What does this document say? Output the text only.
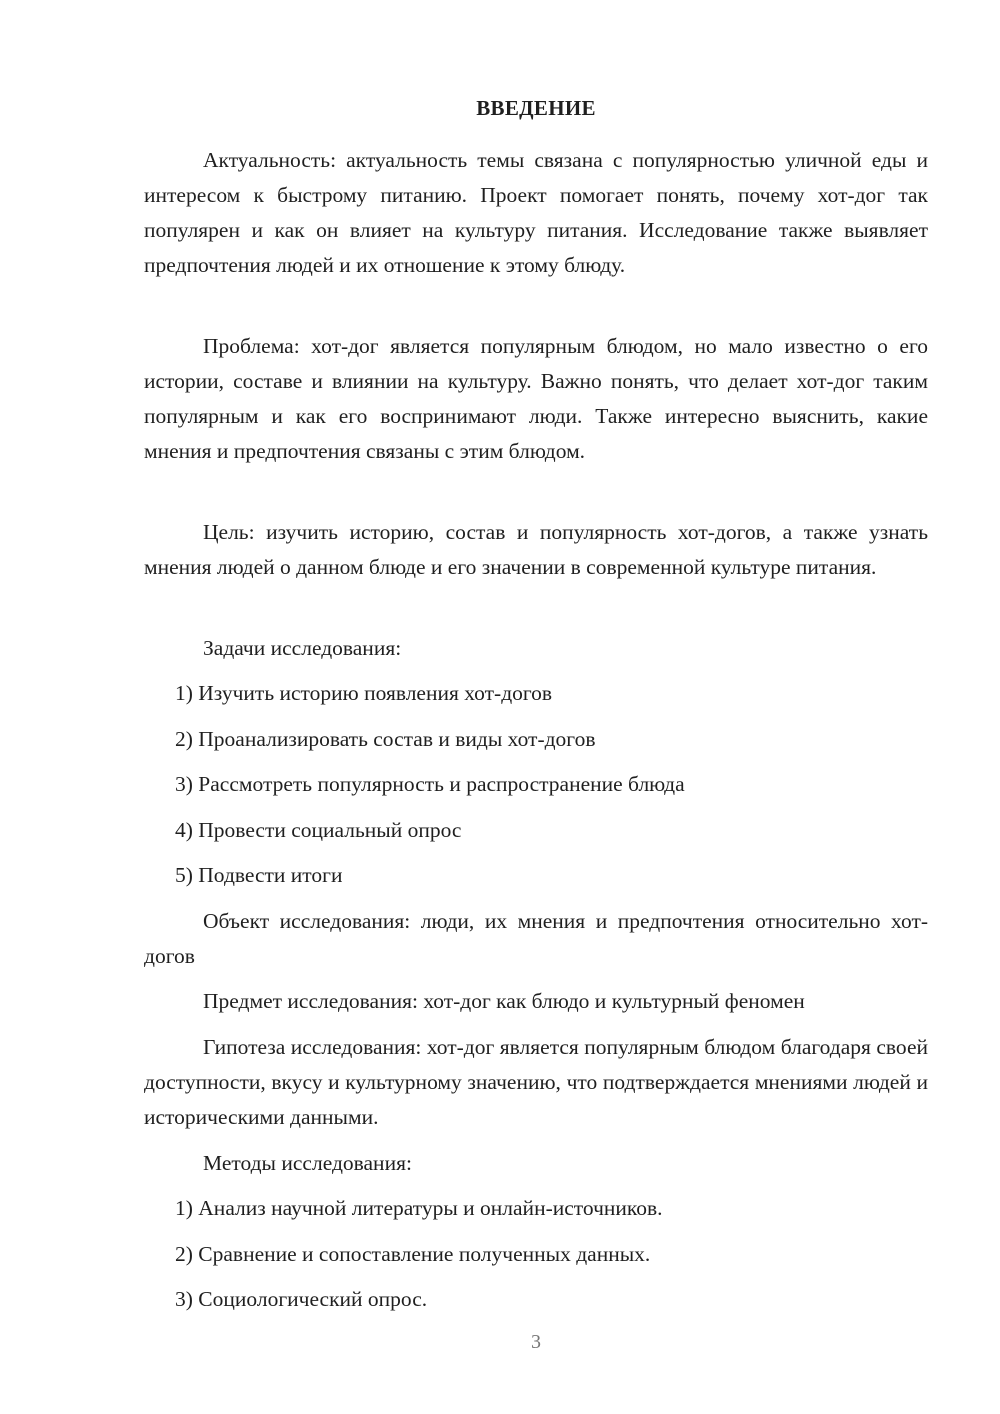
ВВЕДЕНИЕ

Актуальность: актуальность темы связана с популярностью уличной еды и интересом к быстрому питанию. Проект помогает понять, почему хот-дог так популярен и как он влияет на культуру питания. Исследование также выявляет предпочтения людей и их отношение к этому блюду.

Проблема: хот-дог является популярным блюдом, но мало известно о его истории, составе и влиянии на культуру. Важно понять, что делает хот-дог таким популярным и как его воспринимают люди. Также интересно выяснить, какие мнения и предпочтения связаны с этим блюдом.

Цель: изучить историю, состав и популярность хот-догов, а также узнать мнения людей о данном блюде и его значении в современной культуре питания.

Задачи исследования:
1) Изучить историю появления хот-догов
2) Проанализировать состав и виды хот-догов
3) Рассмотреть популярность и распространение блюда
4) Провести социальный опрос
5) Подвести итоги

Объект исследования: люди, их мнения и предпочтения относительно хот-догов

Предмет исследования: хот-дог как блюдо и культурный феномен

Гипотеза исследования: хот-дог является популярным блюдом благодаря своей доступности, вкусу и культурному значению, что подтверждается мнениями людей и историческими данными.

Методы исследования:
1) Анализ научной литературы и онлайн-источников.
2) Сравнение и сопоставление полученных данных.
3) Социологический опрос.
3
